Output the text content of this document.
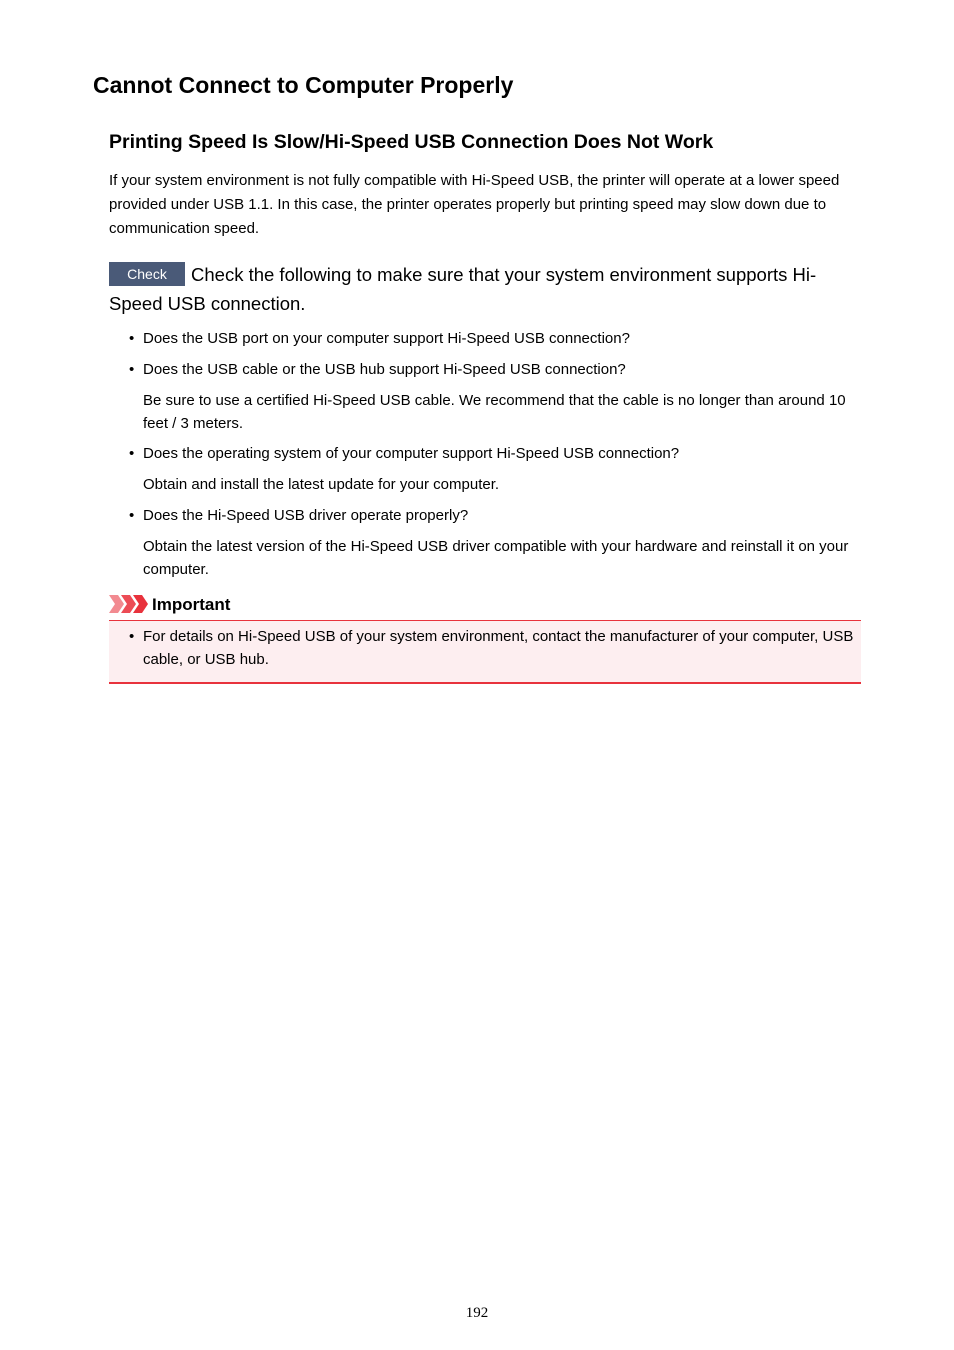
Cannot Connect to Computer Properly
Printing Speed Is Slow/Hi-Speed USB Connection Does Not Work

If your system environment is not fully compatible with Hi-Speed USB, the printer will operate at a lower speed provided under USB 1.1. In this case, the printer operates properly but printing speed may slow down due to communication speed.

Check Check the following to make sure that your system environment supports Hi-Speed USB connection.

• Does the USB port on your computer support Hi-Speed USB connection?
• Does the USB cable or the USB hub support Hi-Speed USB connection?
Be sure to use a certified Hi-Speed USB cable. We recommend that the cable is no longer than around 10 feet / 3 meters.
• Does the operating system of your computer support Hi-Speed USB connection?
Obtain and install the latest update for your computer.
• Does the Hi-Speed USB driver operate properly?
Obtain the latest version of the Hi-Speed USB driver compatible with your hardware and reinstall it on your computer.
Important
• For details on Hi-Speed USB of your system environment, contact the manufacturer of your computer, USB cable, or USB hub.
192
